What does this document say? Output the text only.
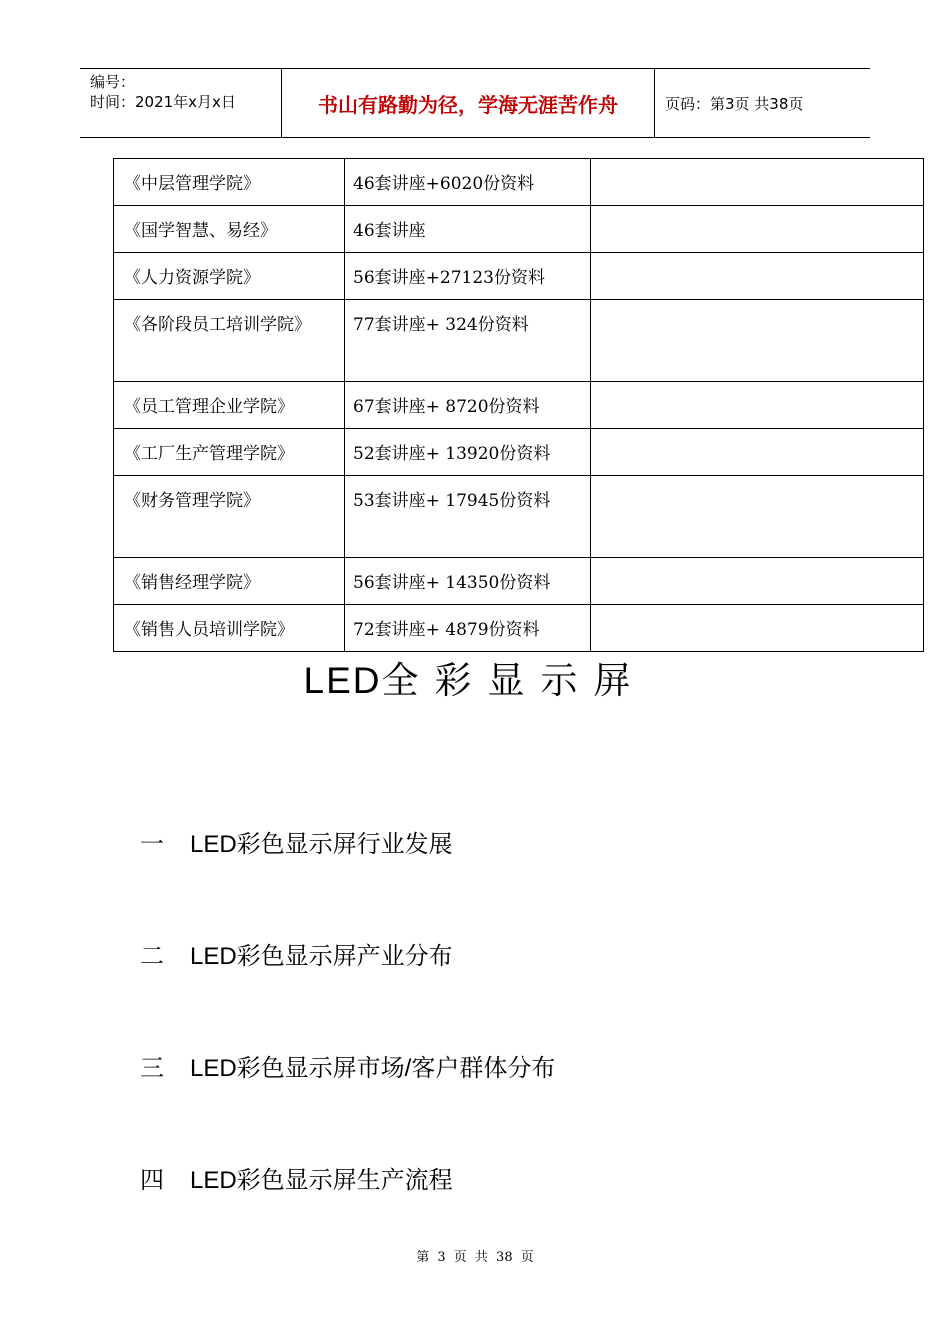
编号：
时间：2021年x月x日	书山有路勤为径，学海无涯苦作舟	页码：第3页 共38页
《中层管理学院》	46套讲座+6020份资料	
《国学智慧、易经》	46套讲座	
《人力资源学院》	56套讲座+27123份资料	
《各阶段员工培训学院》	77套讲座+ 324份资料	
《员工管理企业学院》	67套讲座+ 8720份资料	
《工厂生产管理学院》	52套讲座+ 13920份资料	
《财务管理学院》	53套讲座+ 17945份资料	
《销售经理学院》	56套讲座+ 14350份资料	
《销售人员培训学院》	72套讲座+ 4879份资料	
LED全彩显示屏
一 LED彩色显示屏行业发展
二 LED彩色显示屏产业分布
三 LED彩色显示屏市场/客户群体分布
四 LED彩色显示屏生产流程
第 3 页 共 38 页
